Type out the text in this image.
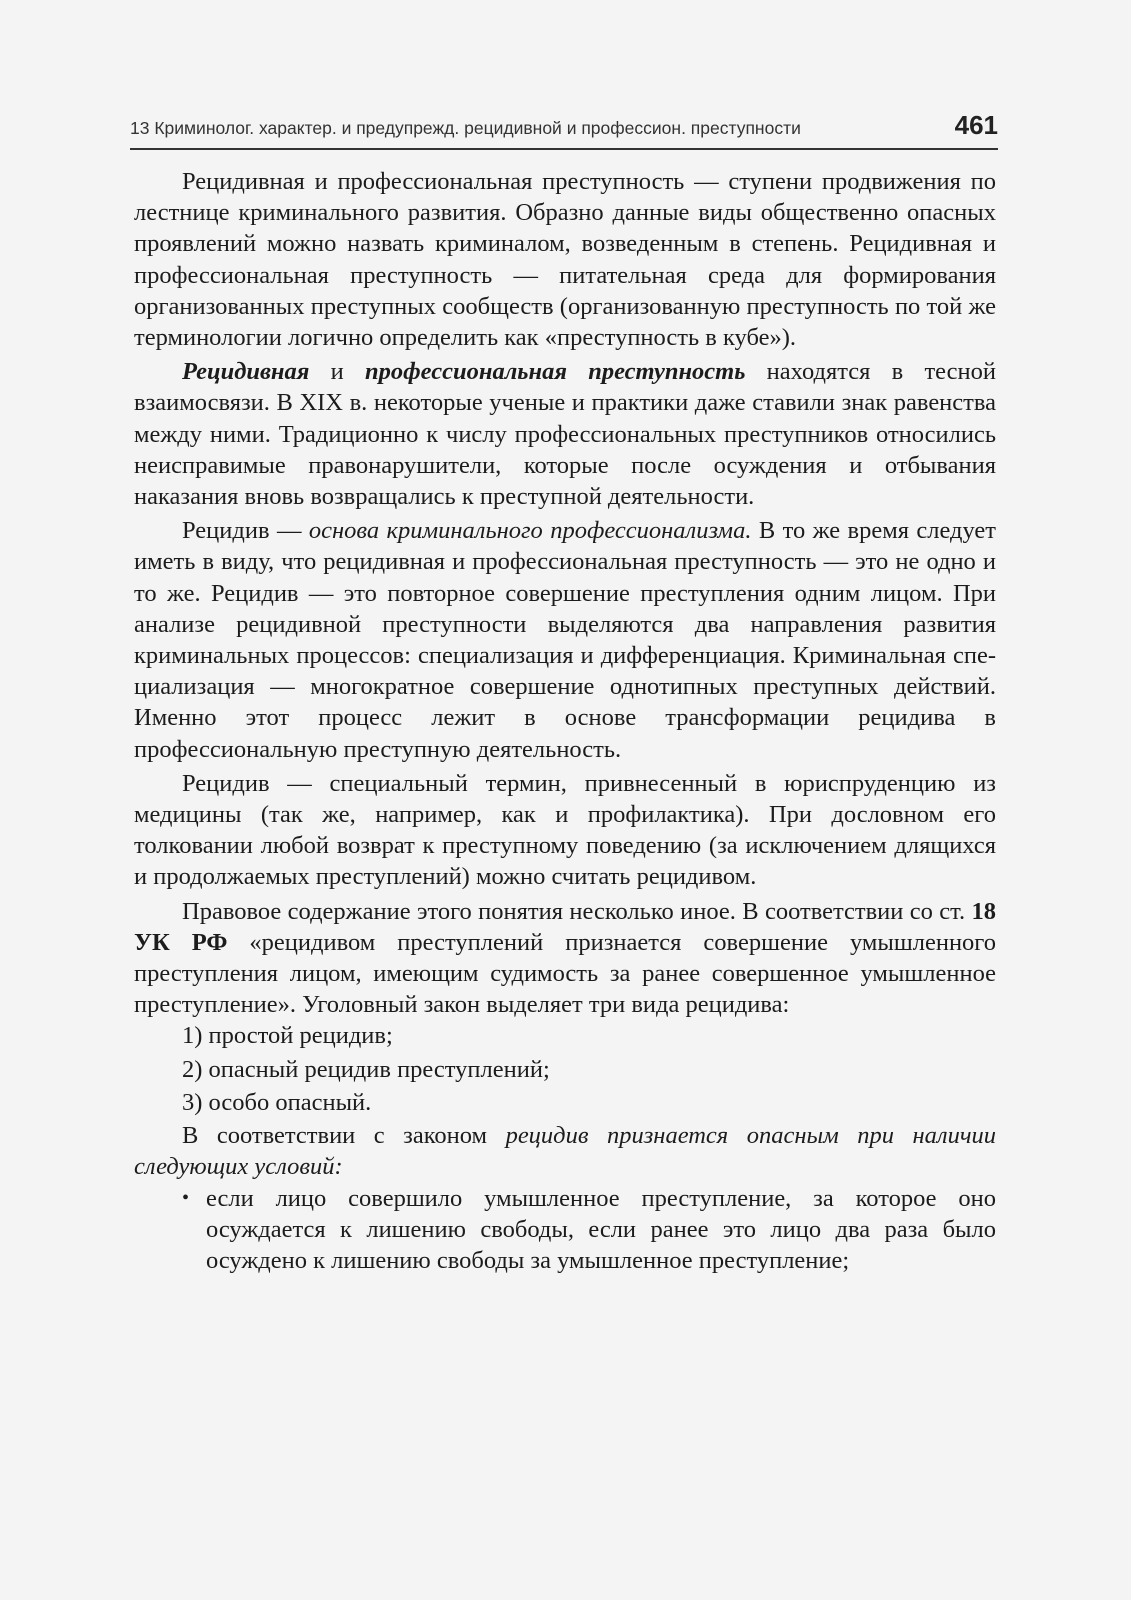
13 Криминолог. характер. и предупрежд. рецидивной и профессион. преступности	461

Рецидивная и профессиональная преступность — ступени продвижения по лестнице криминального развития. Образно данные виды общественно опасных проявлений можно назвать криминалом, возведенным в степень. Рецидивная и профессиональная преступность — питательная среда для формирования организованных преступных сообществ (организованную преступность по той же терминологии логично определить как «преступность в кубе»).

Рецидивная и профессиональная преступность находятся в тесной взаимосвязи. В XIX в. некоторые ученые и практики даже ставили знак равенства между ними. Традиционно к числу профессиональных преступников относились неисправимые правонарушители, которые после осуждения и отбывания наказания вновь возвращались к преступной деятельности.

Рецидив — основа криминального профессионализма. В то же время следует иметь в виду, что рецидивная и профессиональная преступность — это не одно и то же. Рецидив — это повторное совершение преступления одним лицом. При анализе рецидивной преступности выделяются два направления развития криминальных процессов: специализация и дифференциация. Криминальная специализация — многократное совершение однотипных преступных действий. Именно этот процесс лежит в основе трансформации рецидива в профессиональную преступную деятельность.

Рецидив — специальный термин, привнесенный в юриспруденцию из медицины (так же, например, как и профилактика). При дословном его толковании любой возврат к преступному поведению (за исключением длящихся и продолжаемых преступлений) можно считать рецидивом.

Правовое содержание этого понятия несколько иное. В соответствии со ст. 18 УК РФ «рецидивом преступлений признается совершение умышленного преступления лицом, имеющим судимость за ранее совершенное умышленное преступление». Уголовный закон выделяет три вида рецидива:

1) простой рецидив;

2) опасный рецидив преступлений;

3) особо опасный.

В соответствии с законом рецидив признается опасным при наличии следующих условий:

• если лицо совершило умышленное преступление, за которое оно осуждается к лишению свободы, если ранее это лицо два раза было осуждено к лишению свободы за умышленное преступление;
